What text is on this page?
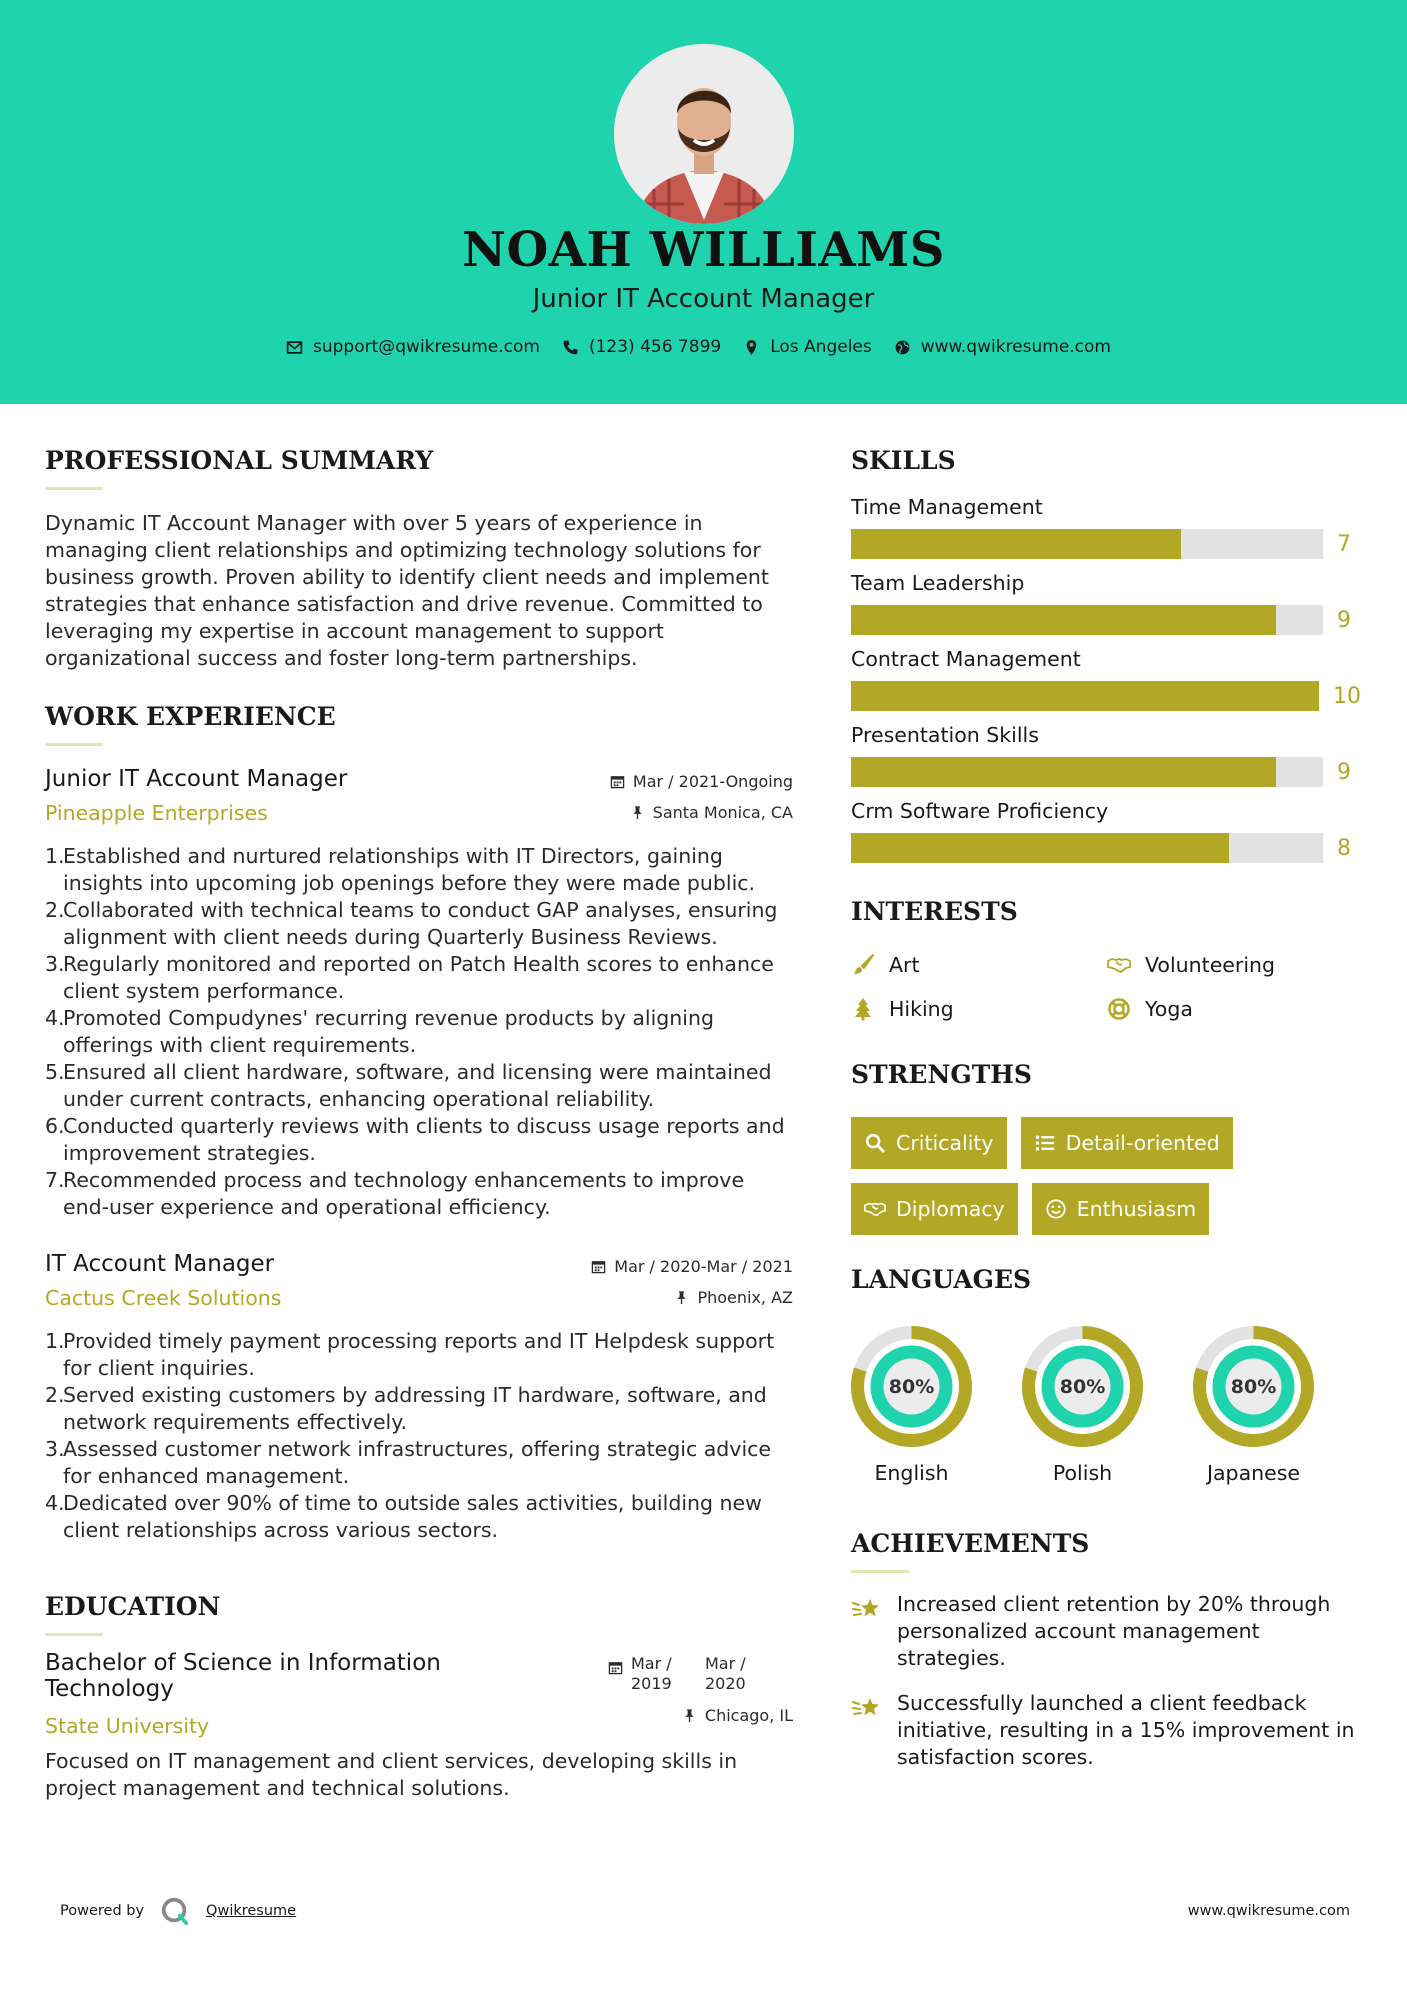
NOAH WILLIAMS
Junior IT Account Manager
support@qwikresume.com	(123) 456 7899	Los Angeles	www.qwikresume.com
PROFESSIONAL SUMMARY

Dynamic IT Account Manager with over 5 years of experience in managing client relationships and optimizing technology solutions for business growth. Proven ability to identify client needs and implement strategies that enhance satisfaction and drive revenue. Committed to leveraging my expertise in account management to support organizational success and foster long-term partnerships.

WORK EXPERIENCE
Junior IT Account Manager
Pineapple Enterprises
Mar / 2021-Ongoing
Santa Monica, CA
1.
Established and nurtured relationships with IT Directors, gaining insights into upcoming job openings before they were made public.
2.
Collaborated with technical teams to conduct GAP analyses, ensuring alignment with client needs during Quarterly Business Reviews.
3.
Regularly monitored and reported on Patch Health scores to enhance client system performance.
4.
Promoted Compudynes' recurring revenue products by aligning offerings with client requirements.
5.
Ensured all client hardware, software, and licensing were maintained under current contracts, enhancing operational reliability.
6.
Conducted quarterly reviews with clients to discuss usage reports and improvement strategies.
7.
Recommended process and technology enhancements to improve end-user experience and operational efficiency.
IT Account Manager
Cactus Creek Solutions
Mar / 2020-Mar / 2021
Phoenix, AZ
1.
Provided timely payment processing reports and IT Helpdesk support for client inquiries.
2.
Served existing customers by addressing IT hardware, software, and network requirements effectively.
3.
Assessed customer network infrastructures, offering strategic advice for enhanced management.
4.
Dedicated over 90% of time to outside sales activities, building new client relationships across various sectors.
EDUCATION
Bachelor of Science in Information
Technology
State University
Mar /
2019
Mar /
2020
Chicago, IL

Focused on IT management and client services, developing skills in project management and technical solutions.

SKILLS
Time Management
7
Team Leadership
9
Contract Management
10
Presentation Skills
9
Crm Software Proficiency
8
INTERESTS
Art	Volunteering
Hiking	Yoga
STRENGTHS
Criticality	Detail-oriented
Diplomacy	Enthusiasm
LANGUAGES
80%
English
80%
Polish
80%
Japanese
ACHIEVEMENTS
Increased client retention by 20% through personalized account management strategies.
Successfully launched a client feedback initiative, resulting in a 15% improvement in satisfaction scores.
Powered by	Qwikresume	www.qwikresume.com
